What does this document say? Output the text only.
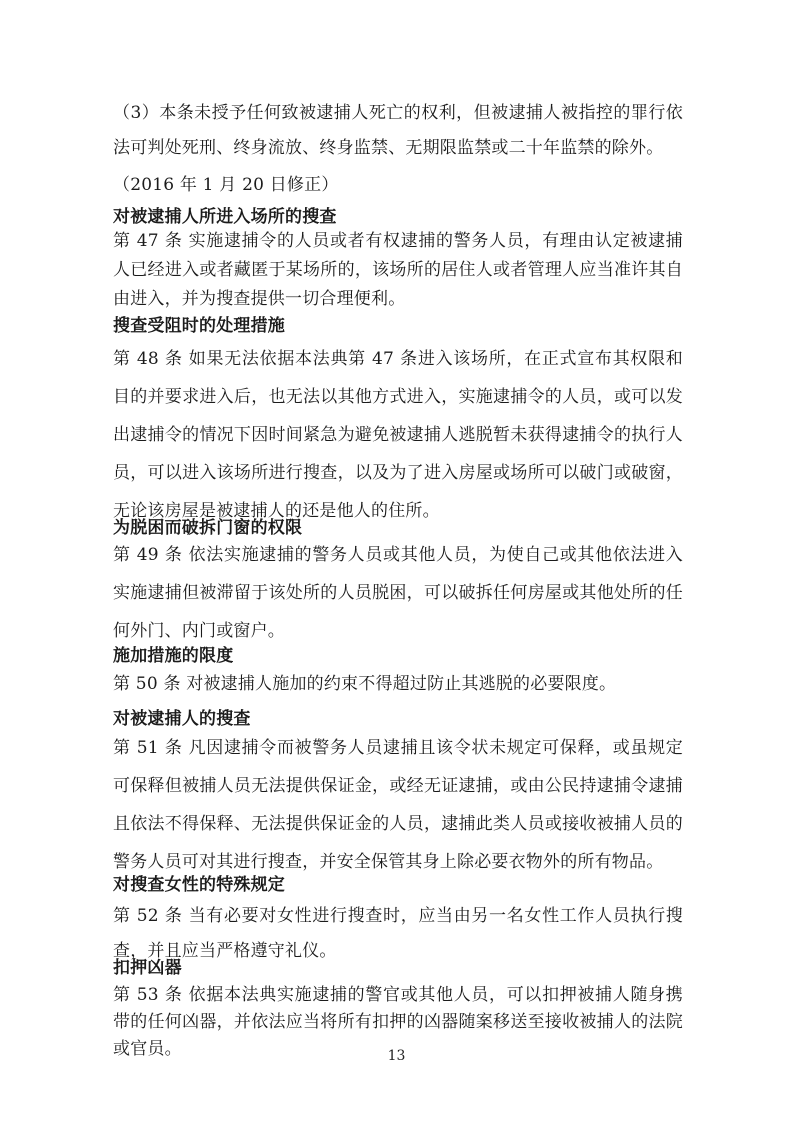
（3）本条未授予任何致被逮捕人死亡的权利，但被逮捕人被指控的罪行依法可判处死刑、终身流放、终身监禁、无期限监禁或二十年监禁的除外。

（2016 年 1 月 20 日修正）

对被逮捕人所进入场所的搜查

第 47 条 实施逮捕令的人员或者有权逮捕的警务人员，有理由认定被逮捕人已经进入或者藏匿于某场所的，该场所的居住人或者管理人应当准许其自由进入，并为搜查提供一切合理便利。

搜查受阻时的处理措施

第 48 条 如果无法依据本法典第 47 条进入该场所，在正式宣布其权限和目的并要求进入后，也无法以其他方式进入，实施逮捕令的人员，或可以发出逮捕令的情况下因时间紧急为避免被逮捕人逃脱暂未获得逮捕令的执行人员，可以进入该场所进行搜查，以及为了进入房屋或场所可以破门或破窗，无论该房屋是被逮捕人的还是他人的住所。

为脱困而破拆门窗的权限

第 49 条 依法实施逮捕的警务人员或其他人员，为使自己或其他依法进入实施逮捕但被滞留于该处所的人员脱困，可以破拆任何房屋或其他处所的任何外门、内门或窗户。

施加措施的限度

第 50 条 对被逮捕人施加的约束不得超过防止其逃脱的必要限度。

对被逮捕人的搜查

第 51 条 凡因逮捕令而被警务人员逮捕且该令状未规定可保释，或虽规定可保释但被捕人员无法提供保证金，或经无证逮捕，或由公民持逮捕令逮捕且依法不得保释、无法提供保证金的人员，逮捕此类人员或接收被捕人员的警务人员可对其进行搜查，并安全保管其身上除必要衣物外的所有物品。

对搜查女性的特殊规定

第 52 条 当有必要对女性进行搜查时，应当由另一名女性工作人员执行搜查，并且应当严格遵守礼仪。

扣押凶器

第 53 条 依据本法典实施逮捕的警官或其他人员，可以扣押被捕人随身携带的任何凶器，并依法应当将所有扣押的凶器随案移送至接收被捕人的法院或官员。	13
